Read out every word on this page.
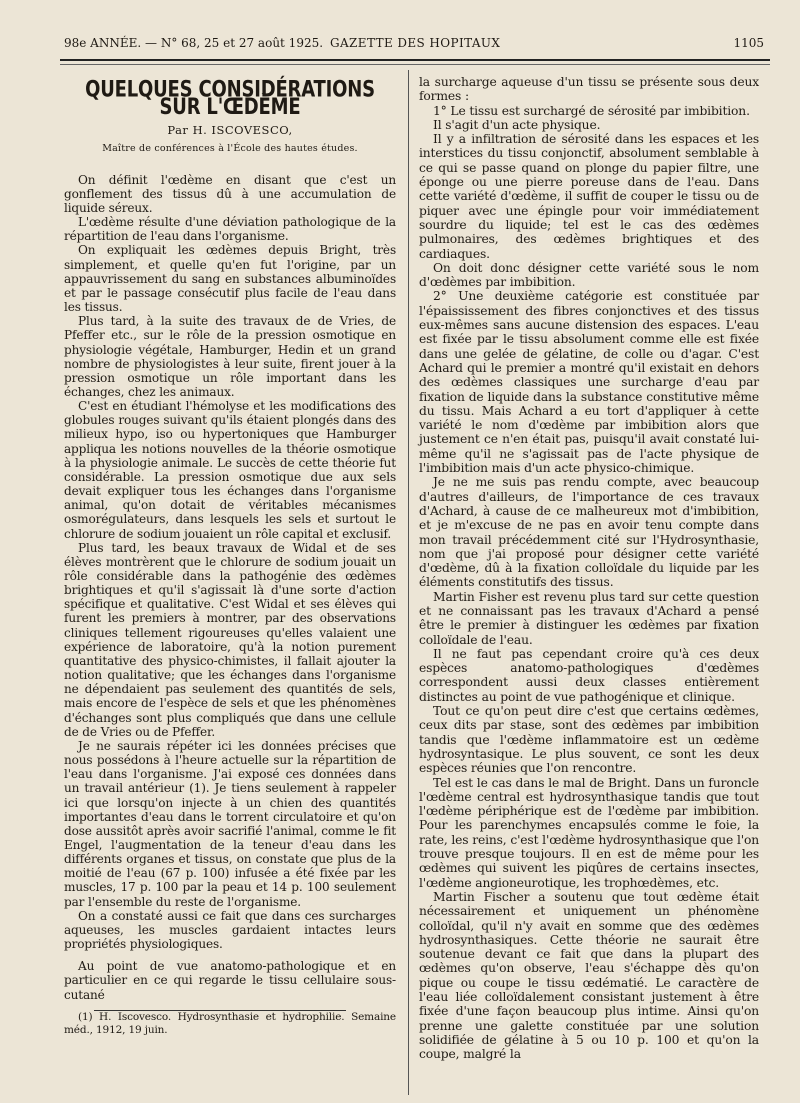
98e ANNÉE. — N° 68, 25 et 27 août 1925. GAZETTE DES HOPITAUX	1105
QUELQUES CONSIDÉRATIONS SUR L'ŒDÈME
Par H. ISCOVESCO,
Maître de conférences à l'École des hautes études.

On définit l'œdème en disant que c'est un gonflement des tissus dû à une accumulation de liquide séreux.

L'œdème résulte d'une déviation pathologique de la répartition de l'eau dans l'organisme.

On expliquait les œdèmes depuis Bright, très simplement, et quelle qu'en fut l'origine, par un appauvrissement du sang en substances albuminoïdes et par le passage consécutif plus facile de l'eau dans les tissus.

Plus tard, à la suite des travaux de de Vries, de Pfeffer etc., sur le rôle de la pression osmotique en physiologie végétale, Hamburger, Hedin et un grand nombre de physiologistes à leur suite, firent jouer à la pression osmotique un rôle important dans les échanges, chez les animaux.

C'est en étudiant l'hémolyse et les modifications des globules rouges suivant qu'ils étaient plongés dans des milieux hypo, iso ou hypertoniques que Hamburger appliqua les notions nouvelles de la théorie osmotique à la physiologie animale. Le succès de cette théorie fut considérable. La pression osmotique due aux sels devait expliquer tous les échanges dans l'organisme animal, qu'on dotait de véritables mécanismes osmorégulateurs, dans lesquels les sels et surtout le chlorure de sodium jouaient un rôle capital et exclusif.

Plus tard, les beaux travaux de Widal et de ses élèves montrèrent que le chlorure de sodium jouait un rôle considérable dans la pathogénie des œdèmes brightiques et qu'il s'agissait là d'une sorte d'action spécifique et qualitative. C'est Widal et ses élèves qui furent les premiers à montrer, par des observations cliniques tellement rigoureuses qu'elles valaient une expérience de laboratoire, qu'à la notion purement quantitative des physico-chimistes, il fallait ajouter la notion qualitative; que les échanges dans l'organisme ne dépendaient pas seulement des quantités de sels, mais encore de l'espèce de sels et que les phénomènes d'échanges sont plus compliqués que dans une cellule de de Vries ou de Pfeffer.

Je ne saurais répéter ici les données précises que nous possédons à l'heure actuelle sur la répartition de l'eau dans l'organisme. J'ai exposé ces données dans un travail antérieur (1). Je tiens seulement à rappeler ici que lorsqu'on injecte à un chien des quantités importantes d'eau dans le torrent circulatoire et qu'on dose aussitôt après avoir sacrifié l'animal, comme le fit Engel, l'augmentation de la teneur d'eau dans les différents organes et tissus, on constate que plus de la moitié de l'eau (67 p. 100) infusée a été fixée par les muscles, 17 p. 100 par la peau et 14 p. 100 seulement par l'ensemble du reste de l'organisme.

On a constaté aussi ce fait que dans ces surcharges aqueuses, les muscles gardaient intactes leurs propriétés physiologiques.

Au point de vue anatomo-pathologique et en particulier en ce qui regarde le tissu cellulaire sous-cutané

(1) H. Iscovesco. Hydrosynthasie et hydrophilie. Semaine méd., 1912, 19 juin.

la surcharge aqueuse d'un tissu se présente sous deux formes :

1° Le tissu est surchargé de sérosité par imbibition.

Il s'agit d'un acte physique.

Il y a infiltration de sérosité dans les espaces et les interstices du tissu conjonctif, absolument semblable à ce qui se passe quand on plonge du papier filtre, une éponge ou une pierre poreuse dans de l'eau. Dans cette variété d'œdème, il suffit de couper le tissu ou de piquer avec une épingle pour voir immédiatement sourdre du liquide; tel est le cas des œdèmes pulmonaires, des œdèmes brightiques et des cardiaques.

On doit donc désigner cette variété sous le nom d'œdèmes par imbibition.

2° Une deuxième catégorie est constituée par l'épaississement des fibres conjonctives et des tissus eux-mêmes sans aucune distension des espaces. L'eau est fixée par le tissu absolument comme elle est fixée dans une gelée de gélatine, de colle ou d'agar. C'est Achard qui le premier a montré qu'il existait en dehors des œdèmes classiques une surcharge d'eau par fixation de liquide dans la substance constitutive même du tissu. Mais Achard a eu tort d'appliquer à cette variété le nom d'œdème par imbibition alors que justement ce n'en était pas, puisqu'il avait constaté lui-même qu'il ne s'agissait pas de l'acte physique de l'imbibition mais d'un acte physico-chimique.

Je ne me suis pas rendu compte, avec beaucoup d'autres d'ailleurs, de l'importance de ces travaux d'Achard, à cause de ce malheureux mot d'imbibition, et je m'excuse de ne pas en avoir tenu compte dans mon travail précédemment cité sur l'Hydrosynthasie, nom que j'ai proposé pour désigner cette variété d'œdème, dû à la fixation colloïdale du liquide par les éléments constitutifs des tissus.

Martin Fisher est revenu plus tard sur cette question et ne connaissant pas les travaux d'Achard a pensé être le premier à distinguer les œdèmes par fixation colloïdale de l'eau.

Il ne faut pas cependant croire qu'à ces deux espèces anatomo-pathologiques d'œdèmes correspondent aussi deux classes entièrement distinctes au point de vue pathogénique et clinique.

Tout ce qu'on peut dire c'est que certains œdèmes, ceux dits par stase, sont des œdèmes par imbibition tandis que l'œdème inflammatoire est un œdème hydrosyntasique. Le plus souvent, ce sont les deux espèces réunies que l'on rencontre.

Tel est le cas dans le mal de Bright. Dans un furoncle l'œdème central est hydrosynthasique tandis que tout l'œdème périphérique est de l'œdème par imbibition. Pour les parenchymes encapsulés comme le foie, la rate, les reins, c'est l'œdème hydrosynthasique que l'on trouve presque toujours. Il en est de même pour les œdèmes qui suivent les piqûres de certains insectes, l'œdème angioneurotique, les trophœdèmes, etc.

Martin Fischer a soutenu que tout œdème était nécessairement et uniquement un phénomène colloïdal, qu'il n'y avait en somme que des œdèmes hydrosynthasiques. Cette théorie ne saurait être soutenue devant ce fait que dans la plupart des œdèmes qu'on observe, l'eau s'échappe dès qu'on pique ou coupe le tissu œdématié. Le caractère de l'eau liée colloïdalement consistant justement à être fixée d'une façon beaucoup plus intime. Ainsi qu'on prenne une galette constituée par une solution solidifiée de gélatine à 5 ou 10 p. 100 et qu'on la coupe, malgré la
